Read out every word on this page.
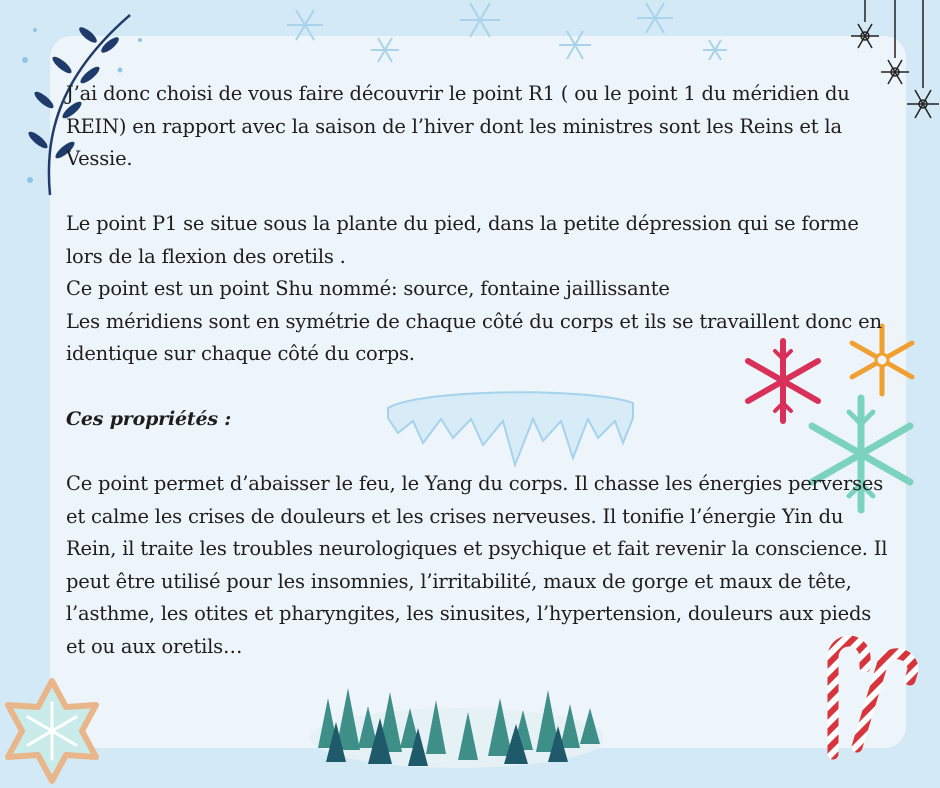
J’ai donc choisi de vous faire découvrir le point R1 ( ou le point 1 du méridien du REIN) en rapport avec la saison de l’hiver dont les ministres sont les Reins et la Vessie.

Le point P1 se situe sous la plante du pied, dans la petite dépression qui se forme lors de la flexion des oretils .

Ce point est un point Shu nommé: source, fontaine jaillissante

Les méridiens sont en symétrie de chaque côté du corps et ils se travaillent donc en identique sur chaque côté du corps.

Ces propriétés :

Ce point permet d’abaisser le feu, le Yang du corps. Il chasse les énergies perverses et calme les crises de douleurs et les crises nerveuses. Il tonifie l’énergie Yin du Rein, il traite les troubles neurologiques et psychique et fait revenir la conscience. Il peut être utilisé pour les insomnies, l’irritabilité, maux de gorge et maux de tête, l’asthme, les otites et pharyngites, les sinusites, l’hypertension, douleurs aux pieds et ou aux oretils…
